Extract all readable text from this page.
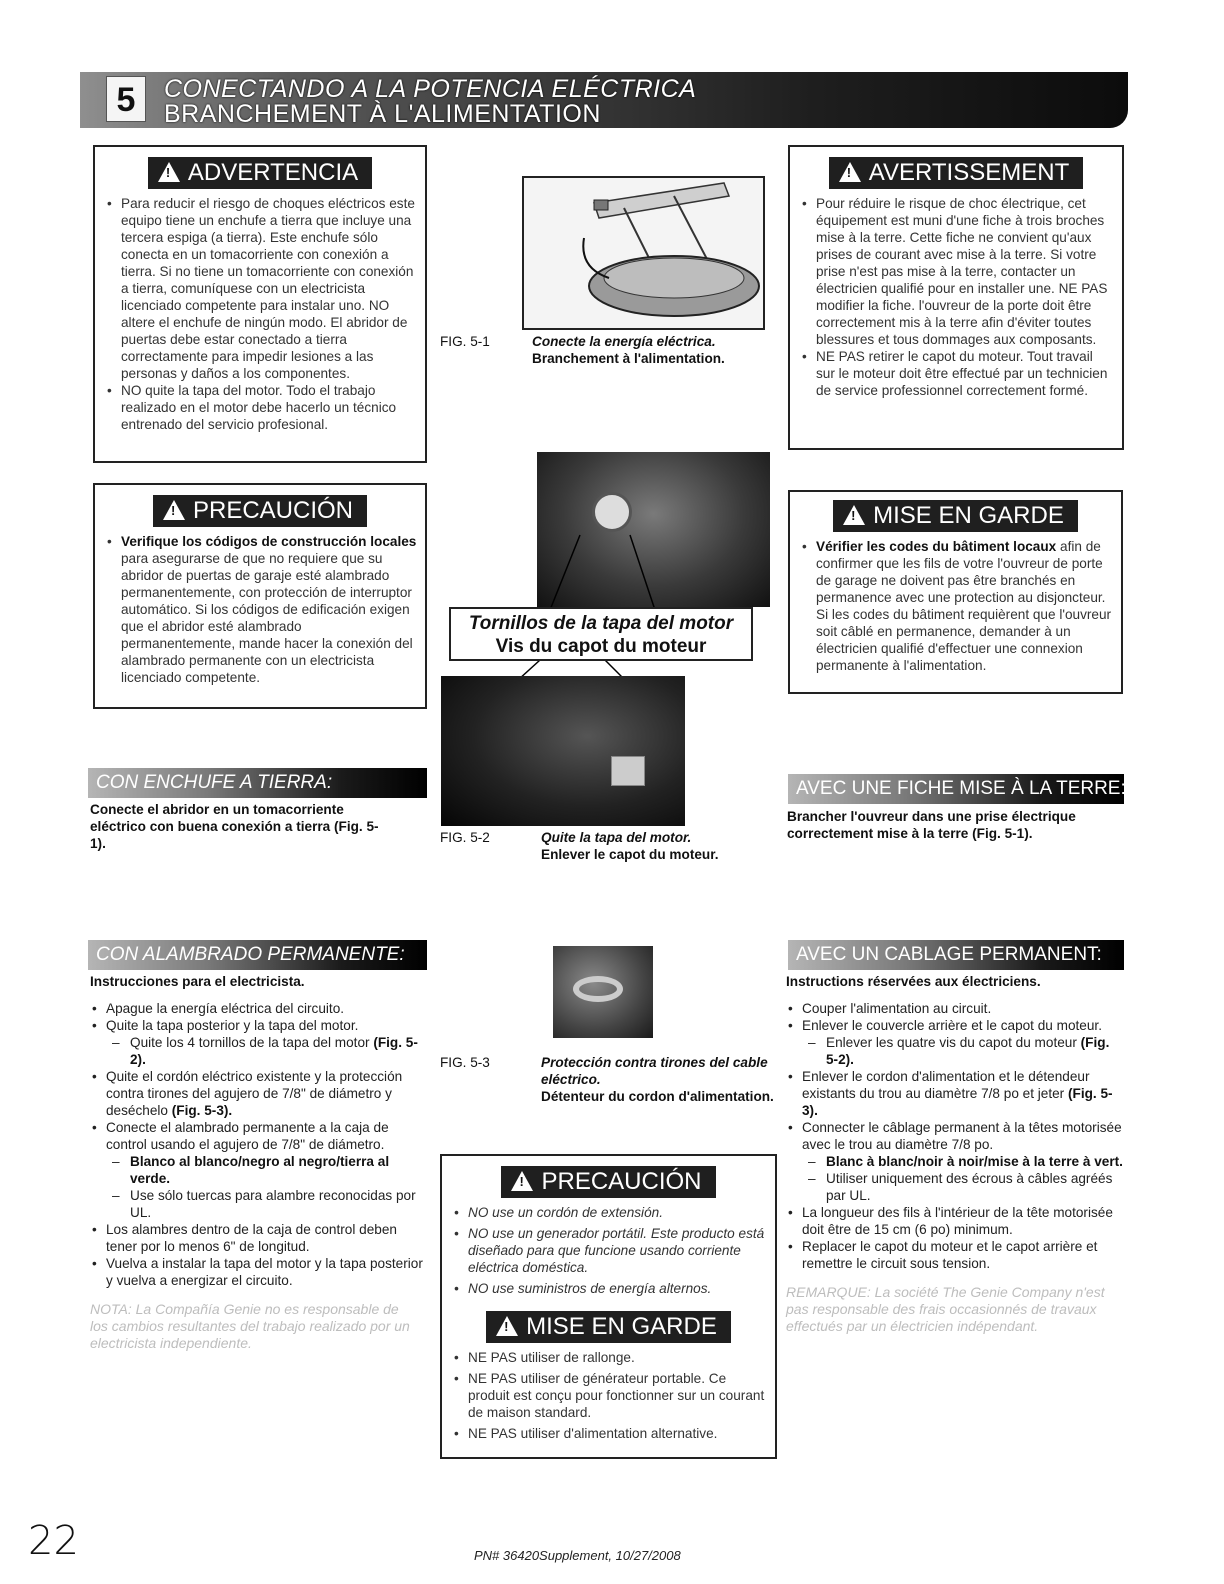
5	CONECTANDO A LA POTENCIA ELÉCTRICA
BRANCHEMENT À L'ALIMENTATION
!ADVERTENCIA
• Para reducir el riesgo de choques eléctricos este equipo tiene un enchufe a tierra que incluye una tercera espiga (a tierra). Este enchufe sólo conecta en un tomacorriente con conexión a tierra. Si no tiene un tomacorriente con conexión a tierra, comuníquese con un electricista licenciado competente para instalar uno. NO altere el enchufe de ningún modo. El abridor de puertas debe estar conectado a tierra correctamente para impedir lesiones a las personas y daños a los componentes.
• NO quite la tapa del motor. Todo el trabajo realizado en el motor debe hacerlo un técnico entrenado del servicio profesional.
FIG. 5-1	Conecte la energía eléctrica.
Branchement à l'alimentation.
!AVERTISSEMENT
• Pour réduire le risque de choc électrique, cet équipement est muni d'une fiche à trois broches mise à la terre. Cette fiche ne convient qu'aux prises de courant avec mise à la terre. Si votre prise n'est pas mise à la terre, contacter un électricien qualifié pour en installer une. NE PAS modifier la fiche. l'ouvreur de la porte doit être correctement mis à la terre afin d'éviter toutes blessures et tous dommages aux composants.
• NE PAS retirer le capot du moteur. Tout travail sur le moteur doit être effectué par un technicien de service professionnel correctement formé.
!PRECAUCIÓN
• Verifique los códigos de construcción locales para asegurarse de que no requiere que su abridor de puertas de garaje esté alambrado permanentemente, con protección de interruptor automático. Si los códigos de edificación exigen que el abridor esté alambrado permanentemente, mande hacer la conexión del alambrado permanente con un electricista licenciado competente.
Tornillos de la tapa del motor
Vis du capot du moteur
FIG. 5-2	Quite la tapa del motor.
Enlever le capot du moteur.
!MISE EN GARDE
• Vérifier les codes du bâtiment locaux afin de confirmer que les fils de votre l'ouvreur de porte de garage ne doivent pas être branchés en permanence avec une protection au disjoncteur. Si les codes du bâtiment requièrent que l'ouvreur soit câblé en permanence, demander à un électricien qualifié d'effectuer une connexion permanente à l'alimentation.
CON ENCHUFE A TIERRA:
Conecte el abridor en un tomacorriente eléctrico con buena conexión a tierra (Fig. 5-1).
AVEC UNE FICHE MISE À LA TERRE:
Brancher l'ouvreur dans une prise électrique correctement mise à la terre (Fig. 5-1).
CON ALAMBRADO PERMANENTE:
Instrucciones para el electricista.
• Apague la energía eléctrica del circuito.
• Quite la tapa posterior y la tapa del motor.
– Quite los 4 tornillos de la tapa del motor (Fig. 5-2).
• Quite el cordón eléctrico existente y la protección contra tirones del agujero de 7/8" de diámetro y deséchelo (Fig. 5-3).
• Conecte el alambrado permanente a la caja de control usando el agujero de 7/8" de diámetro.
– Blanco al blanco/negro al negro/tierra al verde.
– Use sólo tuercas para alambre reconocidas por UL.
• Los alambres dentro de la caja de control deben tener por lo menos 6" de longitud.
• Vuelva a instalar la tapa del motor y la tapa posterior y vuelva a energizar el circuito.
NOTA: La Compañía Genie no es responsable de los cambios resultantes del trabajo realizado por un electricista independiente.
FIG. 5-3	Protección contra tirones del cable eléctrico.
Détenteur du cordon d'alimentation.
!PRECAUCIÓN
• NO use un cordón de extensión.
• NO use un generador portátil. Este producto está diseñado para que funcione usando corriente eléctrica doméstica.
• NO use suministros de energía alternos.
!MISE EN GARDE
• NE PAS utiliser de rallonge.
• NE PAS utiliser de générateur portable. Ce produit est conçu pour fonctionner sur un courant de maison standard.
• NE PAS utiliser d'alimentation alternative.
AVEC UN CABLAGE PERMANENT:
Instructions réservées aux électriciens.
• Couper l'alimentation au circuit.
• Enlever le couvercle arrière et le capot du moteur.
– Enlever les quatre vis du capot du moteur (Fig. 5-2).
• Enlever le cordon d'alimentation et le détendeur existants du trou au diamètre 7/8 po et jeter (Fig. 5-3).
• Connecter le câblage permanent à la têtes motorisée avec le trou au diamètre 7/8 po.
– Blanc à blanc/noir à noir/mise à la terre à vert.
– Utiliser uniquement des écrous à câbles agréés par UL.
• La longueur des fils à l'intérieur de la tête motorisée doit être de 15 cm (6 po) minimum.
• Replacer le capot du moteur et le capot arrière et remettre le circuit sous tension.
REMARQUE: La société The Genie Company n'est pas responsable des frais occasionnés de travaux effectués par un électricien indépendant.
22	PN# 36420Supplement, 10/27/2008
